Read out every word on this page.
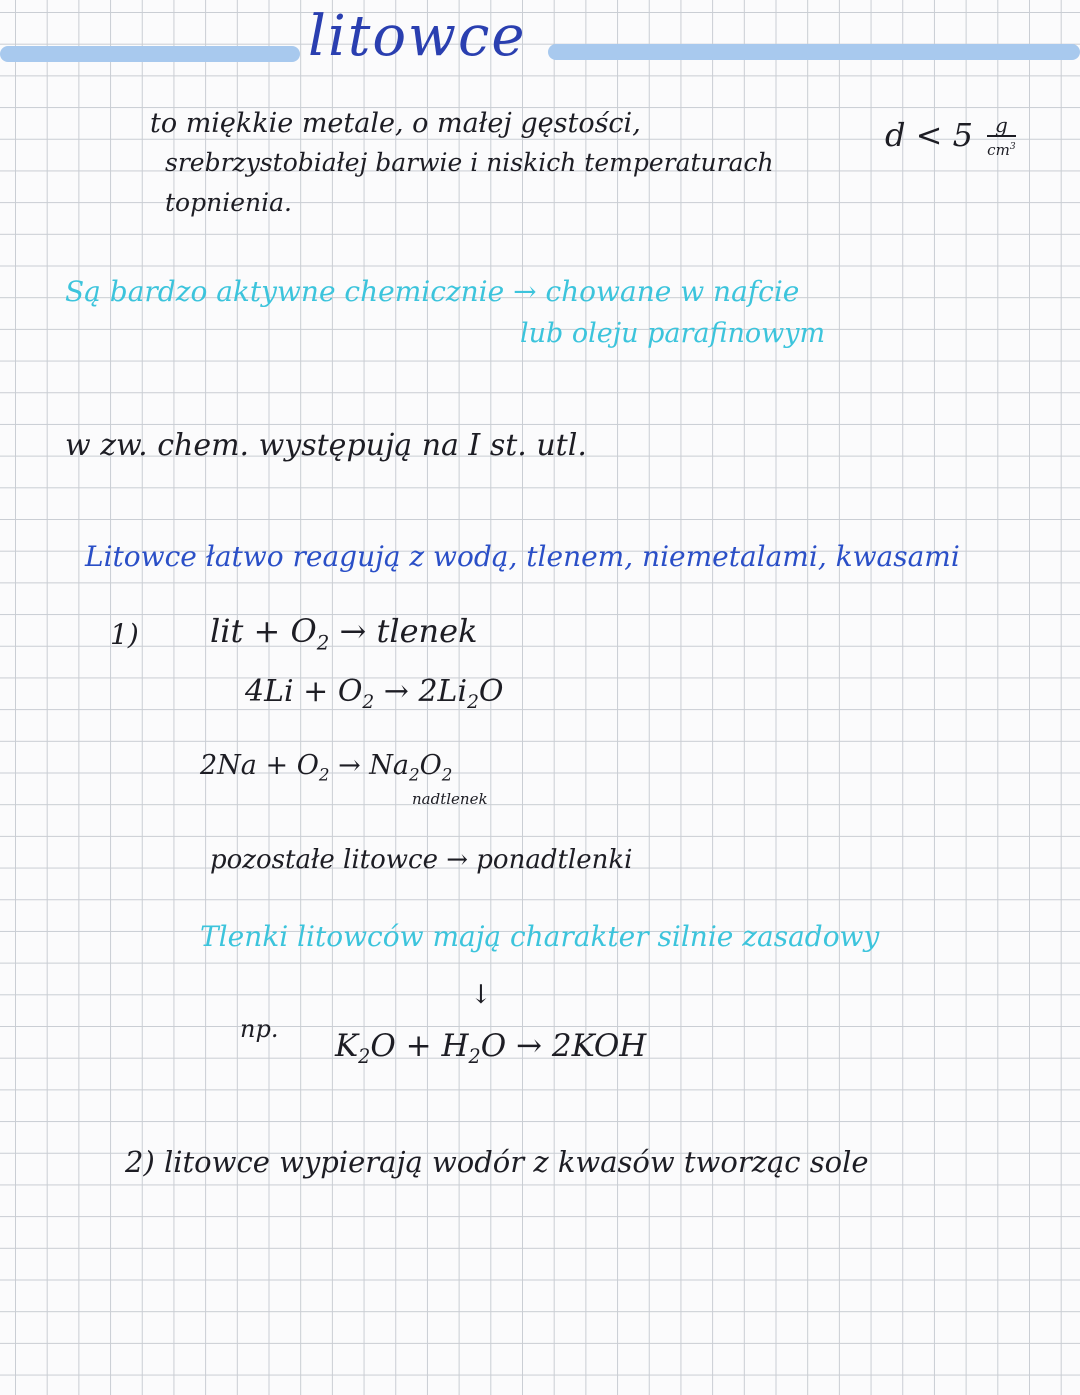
litowce

to miękkie metale, o małej gęstości,

srebrzystobiałej barwie i niskich temperaturach

topnienia.

d < 5	g
$cm^3$

Są bardzo aktywne chemicznie → chowane w nafcie

lub oleju parafinowym

w zw. chem. występują na I st. utl.

Litowce łatwo reagują z wodą, tlenem, niemetalami, kwasami

1) lit + $O_2$ → tlenek

$4Li + O_2 \to 2Li_2O$

$2Na + O_2 \to Na_2O_2$

nadtlenek

pozostałe litowce → ponadtlenki

Tlenki litowców mają charakter silnie zasadowy

↓

np. $K_2O + H_2O \to 2KOH$

2) litowce wypierają wodór z kwasów tworząc sole
